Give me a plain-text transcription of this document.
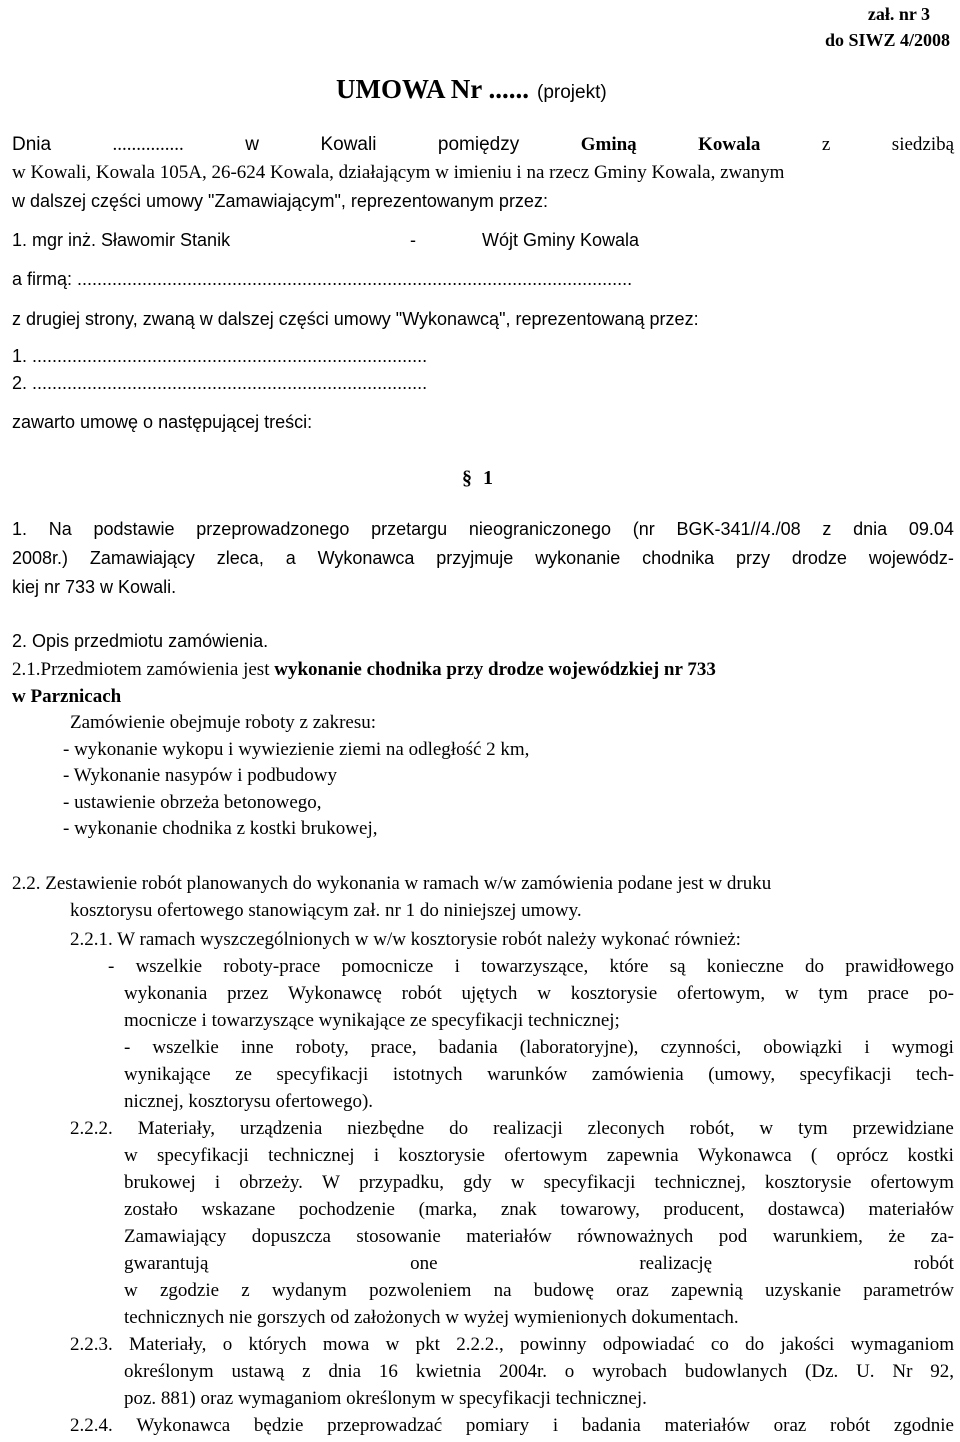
zał. nr 3
do SIWZ 4/2008
UMOWA Nr ...... (projekt)
Dnia	...............	w	Kowali	pomiędzy	Gminą	Kowala	z	siedzibą
w Kowali, Kowala 105A, 26-624 Kowala, działającym w imieniu i na rzecz Gminy Kowala, zwanym
w dalszej części umowy "Zamawiającym", reprezentowanym przez:
1. mgr inż. Sławomir Stanik	-	Wójt Gminy Kowala
a firmą: ...............................................................................................................
z drugiej strony, zwaną w dalszej części umowy "Wykonawcą", reprezentowaną przez:
1. ...............................................................................
2. ...............................................................................
zawarto umowę o następującej treści:
§ 1
1. Na podstawie przeprowadzonego przetargu nieograniczonego (nr BGK-341//4./08 z dnia 09.04
2008r.) Zamawiający zleca, a Wykonawca przyjmuje wykonanie chodnika przy drodze wojewódz-
kiej nr 733 w Kowali.
2. Opis przedmiotu zamówienia.
2.1.Przedmiotem zamówienia jest wykonanie chodnika przy drodze wojewódzkiej nr 733
w Parznicach
Zamówienie obejmuje roboty z zakresu:
- wykonanie wykopu i wywiezienie ziemi na odległość 2 km,
- Wykonanie nasypów i podbudowy
- ustawienie obrzeża betonowego,
- wykonanie chodnika z kostki brukowej,
2.2. Zestawienie robót planowanych do wykonania w ramach w/w zamówienia podane jest w druku
kosztorysu ofertowego stanowiącym zał. nr 1 do niniejszej umowy.
2.2.1. W ramach wyszczególnionych w w/w kosztorysie robót należy wykonać również:
- wszelkie roboty-prace pomocnicze i towarzyszące, które są konieczne do prawidłowego
wykonania przez Wykonawcę robót ujętych w kosztorysie ofertowym, w tym prace po-
mocnicze i towarzyszące wynikające ze specyfikacji technicznej;
- wszelkie inne roboty, prace, badania (laboratoryjne), czynności, obowiązki i wymogi
wynikające ze specyfikacji istotnych warunków zamówienia (umowy, specyfikacji tech-
nicznej, kosztorysu ofertowego).
2.2.2. Materiały, urządzenia niezbędne do realizacji zleconych robót, w tym przewidziane
w specyfikacji technicznej i kosztorysie ofertowym zapewnia Wykonawca ( oprócz kostki
brukowej i obrzeży. W przypadku, gdy w specyfikacji technicznej, kosztorysie ofertowym
zostało wskazane pochodzenie (marka, znak towarowy, producent, dostawca) materiałów
Zamawiający dopuszcza stosowanie materiałów równoważnych pod warunkiem, że za-
gwarantują	one	realizację	robót
w zgodzie z wydanym pozwoleniem na budowę oraz zapewnią uzyskanie parametrów
technicznych nie gorszych od założonych w wyżej wymienionych dokumentach.
2.2.3. Materiały, o których mowa w pkt 2.2.2., powinny odpowiadać co do jakości wymaganiom
określonym ustawą z dnia 16 kwietnia 2004r. o wyrobach budowlanych (Dz. U. Nr 92,
poz. 881) oraz wymaganiom określonym w specyfikacji technicznej.
2.2.4. Wykonawca będzie przeprowadzać pomiary i badania materiałów oraz robót zgodnie
